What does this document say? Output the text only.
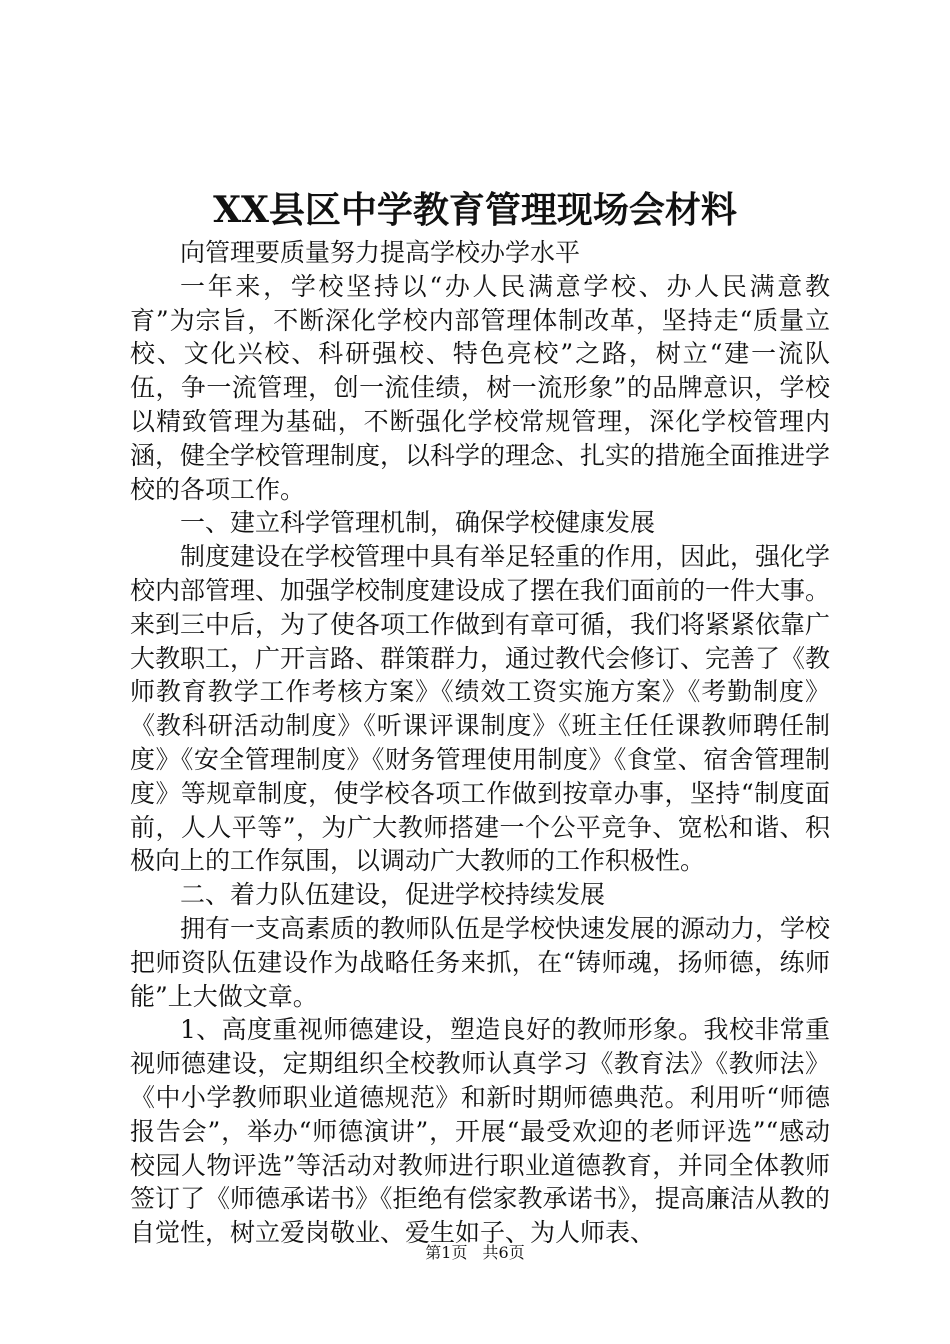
XX县区中学教育管理现场会材料

向管理要质量努力提高学校办学水平

一年来，学校坚持以“办人民满意学校、办人民满意教育”为宗旨，不断深化学校内部管理体制改革，坚持走“质量立校、文化兴校、科研强校、特色亮校”之路，树立“建一流队伍，争一流管理，创一流佳绩，树一流形象”的品牌意识，学校以精致管理为基础，不断强化学校常规管理，深化学校管理内涵，健全学校管理制度，以科学的理念、扎实的措施全面推进学校的各项工作。

一、建立科学管理机制，确保学校健康发展

制度建设在学校管理中具有举足轻重的作用，因此，强化学校内部管理、加强学校制度建设成了摆在我们面前的一件大事。来到三中后，为了使各项工作做到有章可循，我们将紧紧依靠广大教职工，广开言路、群策群力，通过教代会修订、完善了《教师教育教学工作考核方案》《绩效工资实施方案》《考勤制度》《教科研活动制度》《听课评课制度》《班主任任课教师聘任制度》《安全管理制度》《财务管理使用制度》《食堂、宿舍管理制度》等规章制度，使学校各项工作做到按章办事，坚持“制度面前，人人平等”，为广大教师搭建一个公平竞争、宽松和谐、积极向上的工作氛围，以调动广大教师的工作积极性。

二、着力队伍建设，促进学校持续发展

拥有一支高素质的教师队伍是学校快速发展的源动力，学校把师资队伍建设作为战略任务来抓，在“铸师魂，扬师德，练师能”上大做文章。

1、高度重视师德建设，塑造良好的教师形象。我校非常重视师德建设，定期组织全校教师认真学习《教育法》《教师法》《中小学教师职业道德规范》和新时期师德典范。利用听“师德报告会”，举办“师德演讲”，开展“最受欢迎的老师评选”“感动校园人物评选”等活动对教师进行职业道德教育，并同全体教师签订了《师德承诺书》《拒绝有偿家教承诺书》，提高廉洁从教的自觉性，树立爱岗敬业、爱生如子、为人师表、

第1页 共6页
